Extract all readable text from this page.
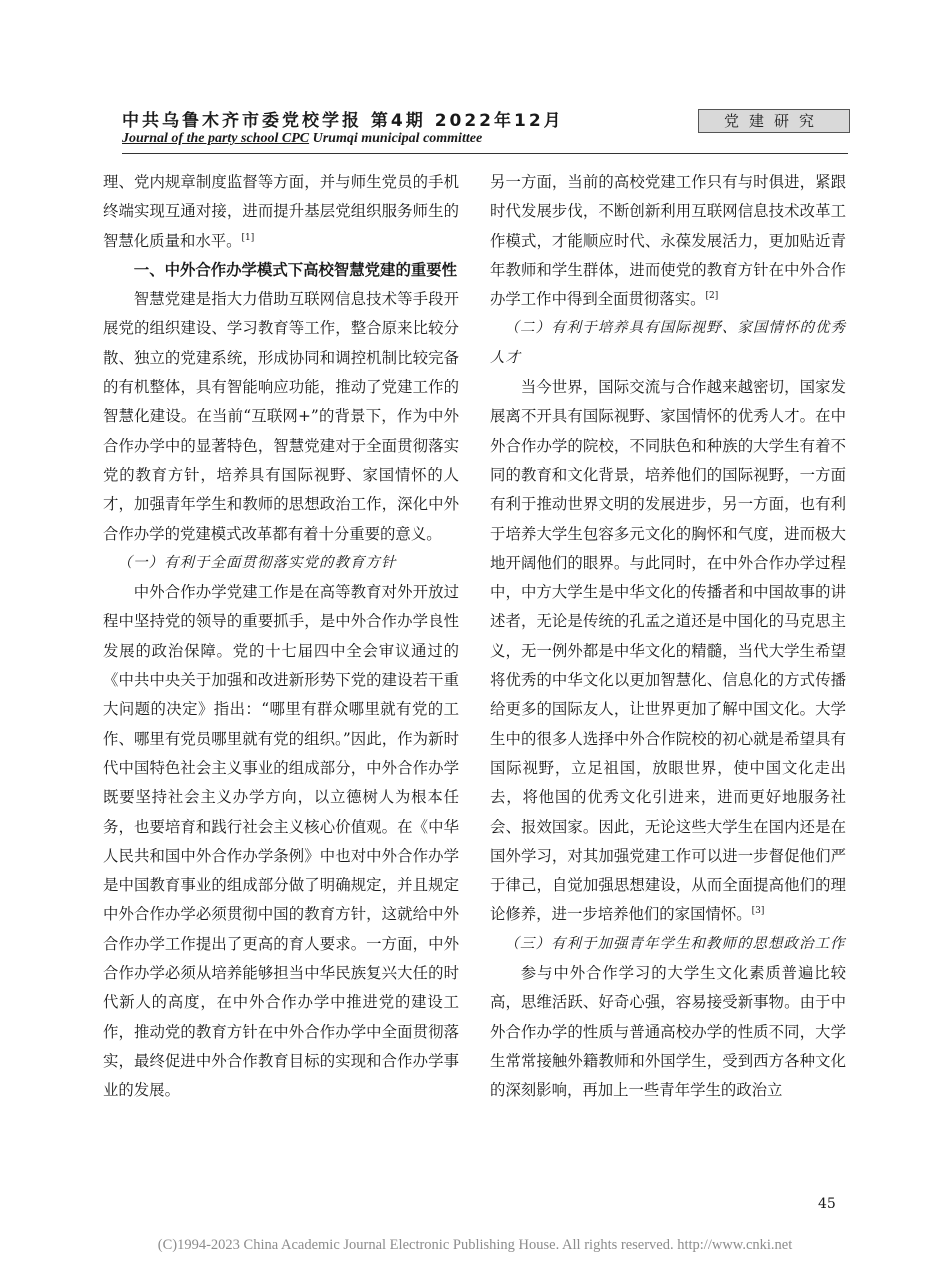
中共乌鲁木齐市委党校学报 第4期 2022年12月
Journal of the party school CPC Urumqi municipal committee
党建研究

理、党内规章制度监督等方面，并与师生党员的手机终端实现互通对接，进而提升基层党组织服务师生的智慧化质量和水平。[1]

一、中外合作办学模式下高校智慧党建的重要性

智慧党建是指大力借助互联网信息技术等手段开展党的组织建设、学习教育等工作，整合原来比较分散、独立的党建系统，形成协同和调控机制比较完备的有机整体，具有智能响应功能，推动了党建工作的智慧化建设。在当前“互联网+”的背景下，作为中外合作办学中的显著特色，智慧党建对于全面贯彻落实党的教育方针，培养具有国际视野、家国情怀的人才，加强青年学生和教师的思想政治工作，深化中外合作办学的党建模式改革都有着十分重要的意义。

（一）有利于全面贯彻落实党的教育方针

中外合作办学党建工作是在高等教育对外开放过程中坚持党的领导的重要抓手，是中外合作办学良性发展的政治保障。党的十七届四中全会审议通过的《中共中央关于加强和改进新形势下党的建设若干重大问题的决定》指出：“哪里有群众哪里就有党的工作、哪里有党员哪里就有党的组织。”因此，作为新时代中国特色社会主义事业的组成部分，中外合作办学既要坚持社会主义办学方向，以立德树人为根本任务，也要培育和践行社会主义核心价值观。在《中华人民共和国中外合作办学条例》中也对中外合作办学是中国教育事业的组成部分做了明确规定，并且规定中外合作办学必须贯彻中国的教育方针，这就给中外合作办学工作提出了更高的育人要求。一方面，中外合作办学必须从培养能够担当中华民族复兴大任的时代新人的高度，在中外合作办学中推进党的建设工作，推动党的教育方针在中外合作办学中全面贯彻落实，最终促进中外合作教育目标的实现和合作办学事业的发展。

另一方面，当前的高校党建工作只有与时俱进，紧跟时代发展步伐，不断创新利用互联网信息技术改革工作模式，才能顺应时代、永葆发展活力，更加贴近青年教师和学生群体，进而使党的教育方针在中外合作办学工作中得到全面贯彻落实。[2]

（二）有利于培养具有国际视野、家国情怀的优秀人才

当今世界，国际交流与合作越来越密切，国家发展离不开具有国际视野、家国情怀的优秀人才。在中外合作办学的院校，不同肤色和种族的大学生有着不同的教育和文化背景，培养他们的国际视野，一方面有利于推动世界文明的发展进步，另一方面，也有利于培养大学生包容多元文化的胸怀和气度，进而极大地开阔他们的眼界。与此同时，在中外合作办学过程中，中方大学生是中华文化的传播者和中国故事的讲述者，无论是传统的孔孟之道还是中国化的马克思主义，无一例外都是中华文化的精髓，当代大学生希望将优秀的中华文化以更加智慧化、信息化的方式传播给更多的国际友人，让世界更加了解中国文化。大学生中的很多人选择中外合作院校的初心就是希望具有国际视野，立足祖国，放眼世界，使中国文化走出去，将他国的优秀文化引进来，进而更好地服务社会、报效国家。因此，无论这些大学生在国内还是在国外学习，对其加强党建工作可以进一步督促他们严于律己，自觉加强思想建设，从而全面提高他们的理论修养，进一步培养他们的家国情怀。[3]

（三）有利于加强青年学生和教师的思想政治工作

参与中外合作学习的大学生文化素质普遍比较高，思维活跃、好奇心强，容易接受新事物。由于中外合作办学的性质与普通高校办学的性质不同，大学生常常接触外籍教师和外国学生，受到西方各种文化的深刻影响，再加上一些青年学生的政治立

45
(C)1994-2023 China Academic Journal Electronic Publishing House. All rights reserved. http://www.cnki.net
